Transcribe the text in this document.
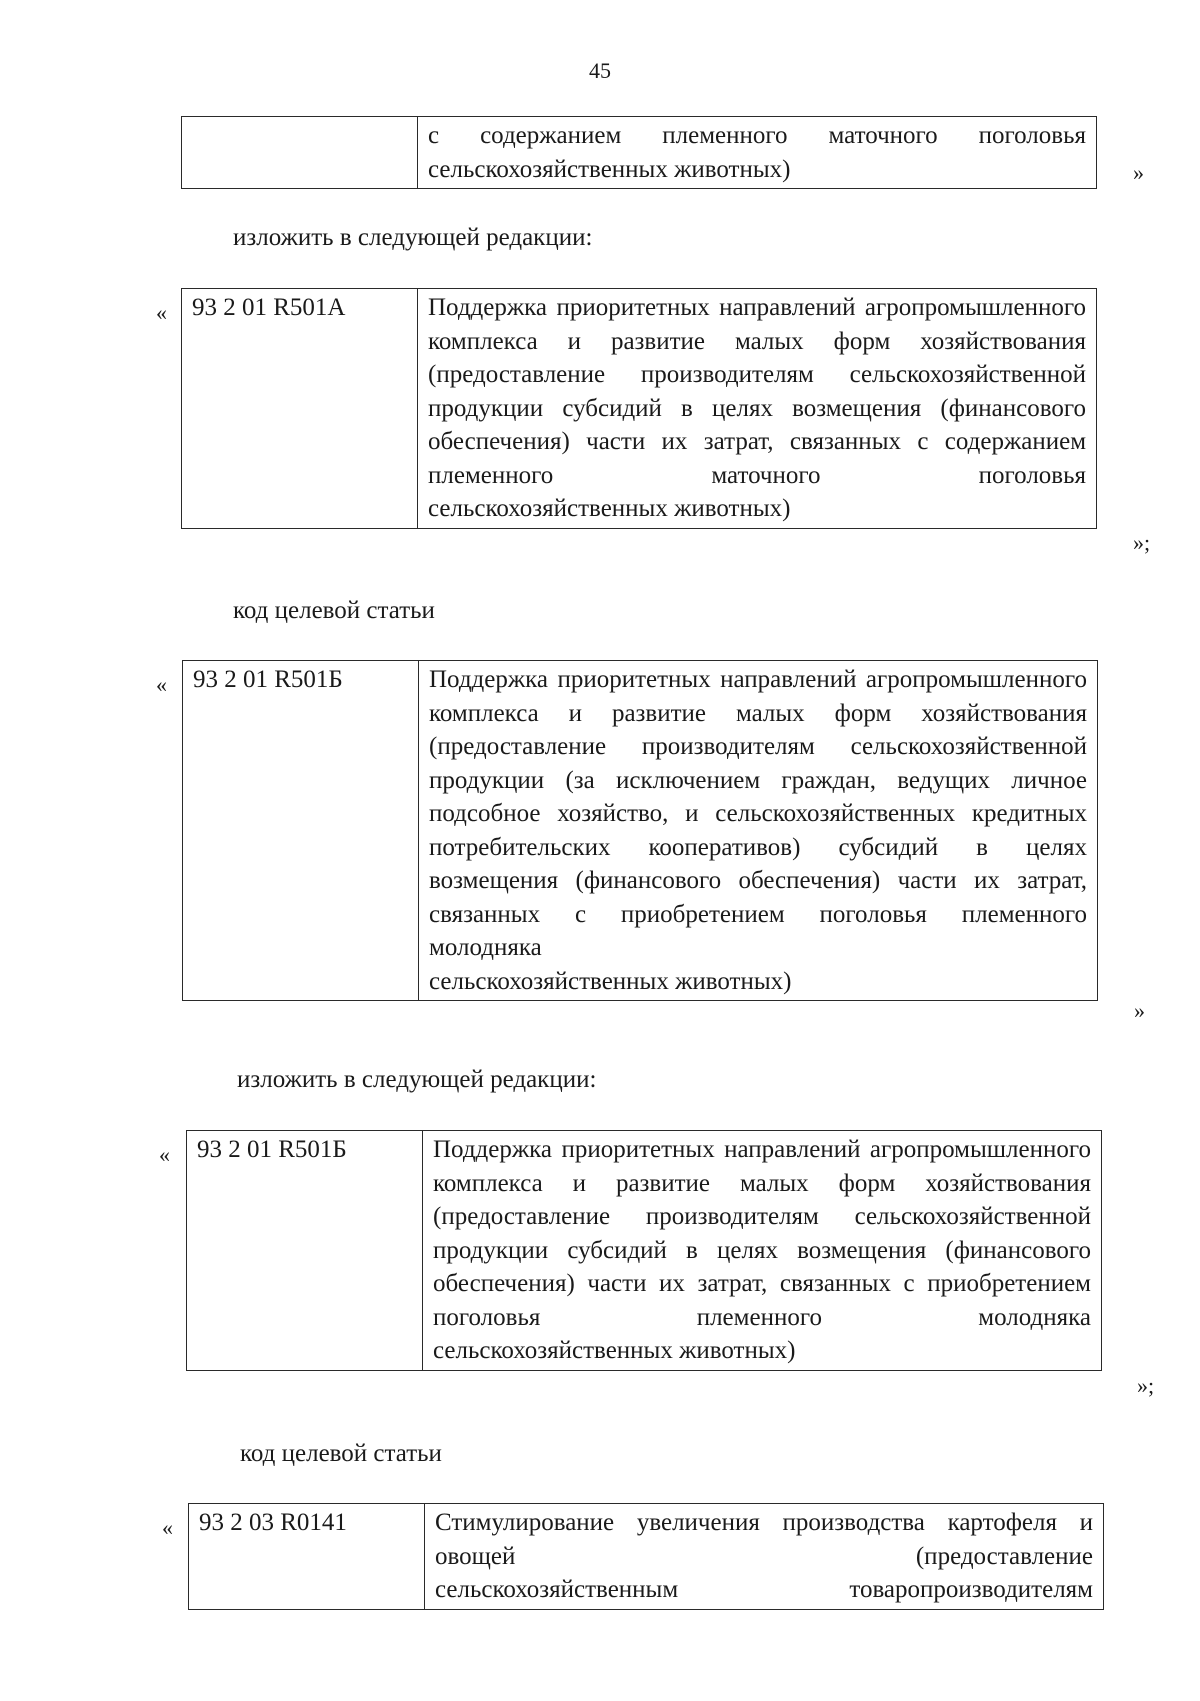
45
	с содержанием племенного маточного поголовья
сельскохозяйственных животных)	»
изложить в следующей редакции:
« 93 2 01 R501А	Поддержка приоритетных направлений агропромышленного комплекса и развитие малых форм хозяйствования (предоставление производителям сельскохозяйственной продукции субсидий в целях возмещения (финансового обеспечения) части их затрат, связанных с содержанием племенного маточного поголовья
сельскохозяйственных животных)
»;
код целевой статьи
« 93 2 01 R501Б	Поддержка приоритетных направлений агропромышленного комплекса и развитие малых форм хозяйствования (предоставление производителям сельскохозяйственной продукции (за исключением граждан, ведущих личное подсобное хозяйство, и сельскохозяйственных кредитных потребительских кооперативов) субсидий в целях возмещения (финансового обеспечения) части их затрат, связанных с приобретением поголовья племенного молодняка
сельскохозяйственных животных)
»
изложить в следующей редакции:
« 93 2 01 R501Б	Поддержка приоритетных направлений агропромышленного комплекса и развитие малых форм хозяйствования (предоставление производителям сельскохозяйственной продукции субсидий в целях возмещения (финансового обеспечения) части их затрат, связанных с приобретением поголовья племенного молодняка
сельскохозяйственных животных)
»;
код целевой статьи
« 93 2 03 R0141	Стимулирование увеличения производства картофеля и овощей (предоставление
сельскохозяйственным товаропроизводителям
